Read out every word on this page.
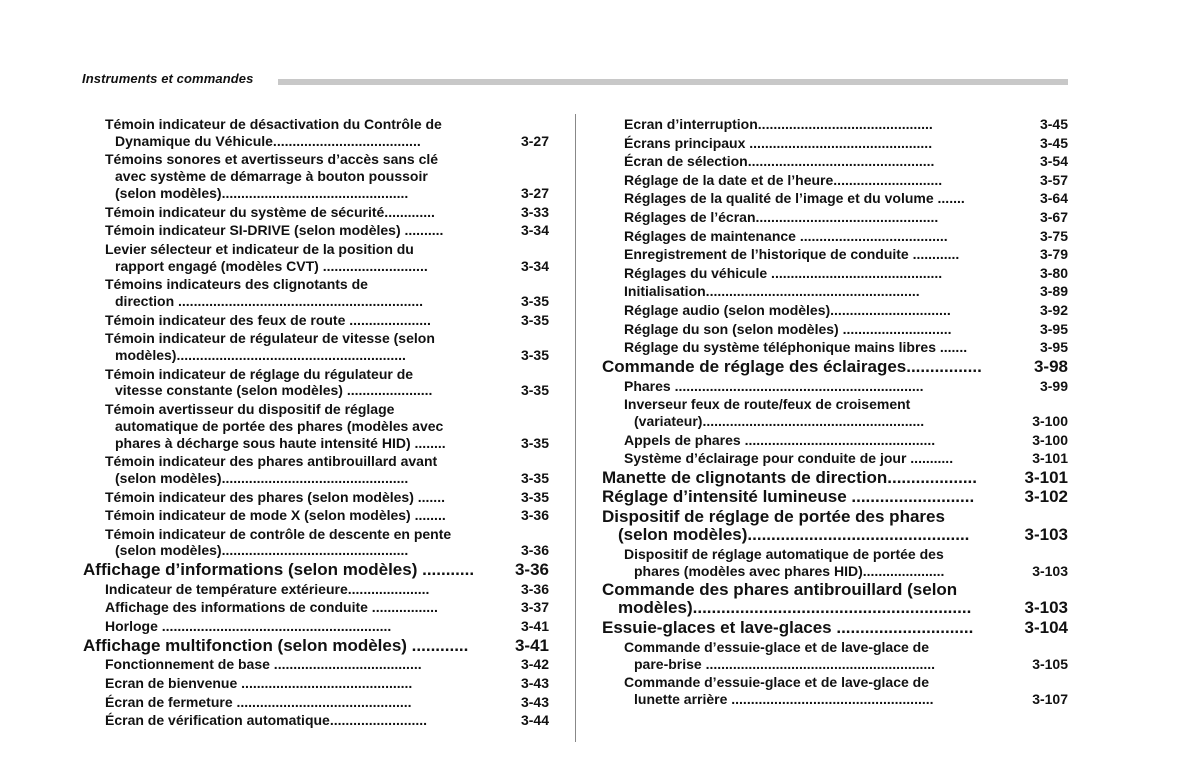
Instruments et commandes
Témoin indicateur de désactivation du Contrôle de
Dynamique du Véhicule......................................	3-27
Témoins sonores et avertisseurs d’accès sans clé
avec système de démarrage à bouton poussoir
(selon modèles)................................................	3-27
Témoin indicateur du système de sécurité.............	3-33
Témoin indicateur SI-DRIVE (selon modèles) ..........	3-34
Levier sélecteur et indicateur de la position du
rapport engagé (modèles CVT) ...........................	3-34
Témoins indicateurs des clignotants de
direction ...............................................................	3-35
Témoin indicateur des feux de route .....................	3-35
Témoin indicateur de régulateur de vitesse (selon
modèles)...........................................................	3-35
Témoin indicateur de réglage du régulateur de
vitesse constante (selon modèles) ......................	3-35
Témoin avertisseur du dispositif de réglage
automatique de portée des phares (modèles avec
phares à décharge sous haute intensité HID) ........	3-35
Témoin indicateur des phares antibrouillard avant
(selon modèles)................................................	3-35
Témoin indicateur des phares (selon modèles) .......	3-35
Témoin indicateur de mode X (selon modèles) ........	3-36
Témoin indicateur de contrôle de descente en pente
(selon modèles)................................................	3-36
Affichage d’informations (selon modèles) ...........	3-36
Indicateur de température extérieure.....................	3-36
Affichage des informations de conduite .................	3-37
Horloge ...........................................................	3-41
Affichage multifonction (selon modèles) ............	3-41
Fonctionnement de base ......................................	3-42
Ecran de bienvenue ............................................	3-43
Écran de fermeture .............................................	3-43
Écran de vérification automatique.........................	3-44
Ecran d’interruption.............................................	3-45
Écrans principaux ...............................................	3-45
Écran de sélection................................................	3-54
Réglage de la date et de l’heure............................	3-57
Réglages de la qualité de l’image et du volume .......	3-64
Réglages de l’écran...............................................	3-67
Réglages de maintenance ......................................	3-75
Enregistrement de l’historique de conduite ............	3-79
Réglages du véhicule ............................................	3-80
Initialisation.......................................................	3-89
Réglage audio (selon modèles)...............................	3-92
Réglage du son (selon modèles) ............................	3-95
Réglage du système téléphonique mains libres .......	3-95
Commande de réglage des éclairages................	3-98
Phares ................................................................	3-99
Inverseur feux de route/feux de croisement
(variateur).........................................................	3-100
Appels de phares .................................................	3-100
Système d’éclairage pour conduite de jour ...........	3-101
Manette de clignotants de direction...................	3-101
Réglage d’intensité lumineuse ..........................	3-102
Dispositif de réglage de portée des phares
(selon modèles)...............................................	3-103
Dispositif de réglage automatique de portée des
phares (modèles avec phares HID).....................	3-103
Commande des phares antibrouillard (selon
modèles)...........................................................	3-103
Essuie-glaces et lave-glaces .............................	3-104
Commande d’essuie-glace et de lave-glace de
pare-brise ...........................................................	3-105
Commande d’essuie-glace et de lave-glace de
lunette arrière ....................................................	3-107
